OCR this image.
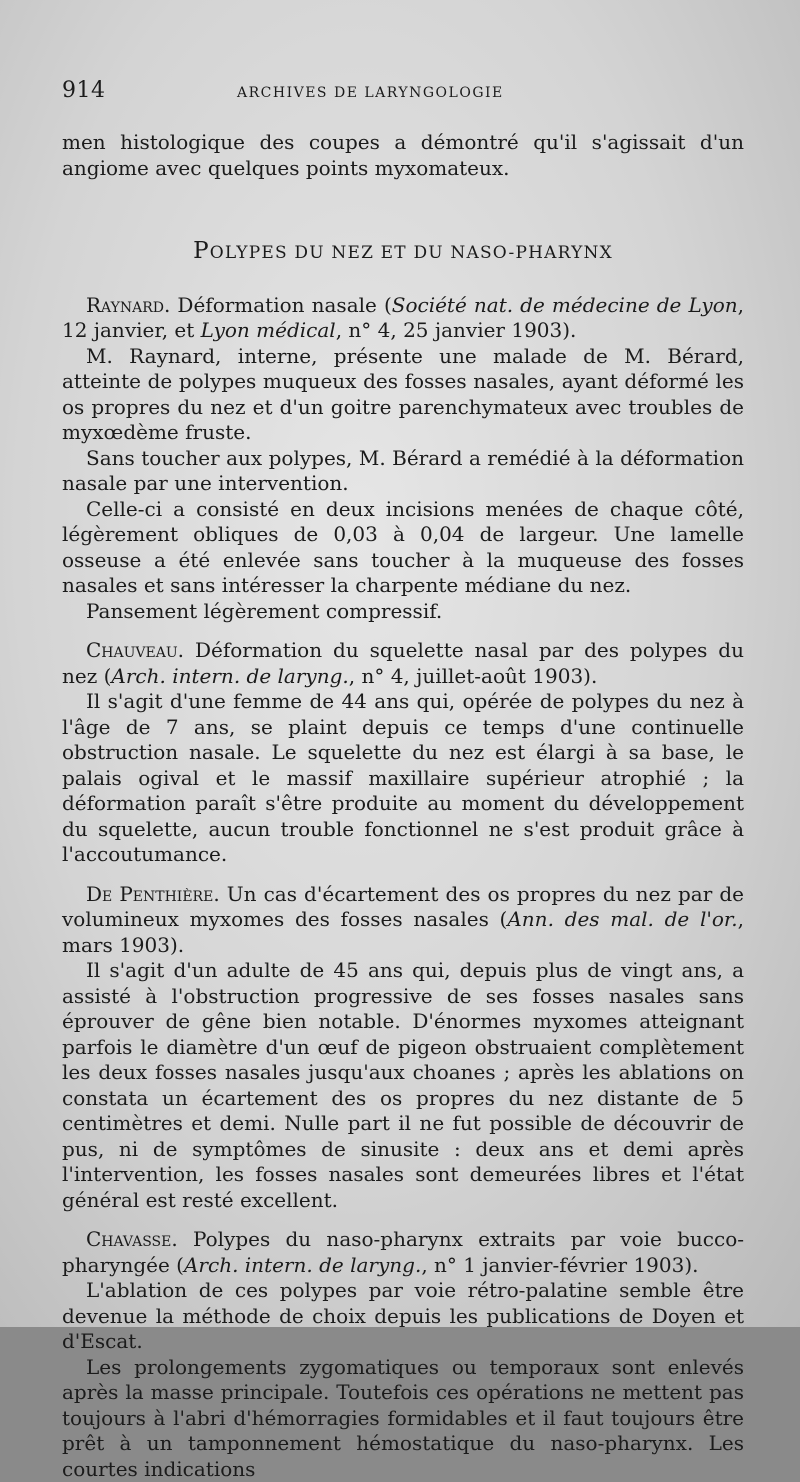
914	ARCHIVES DE LARYNGOLOGIE

men histologique des coupes a démontré qu'il s'agissait d'un angiome avec quelques points myxomateux.

POLYPES DU NEZ ET DU NASO-PHARYNX

Raynard. Déformation nasale (Société nat. de médecine de Lyon, 12 janvier, et Lyon médical, n° 4, 25 janvier 1903).

M. Raynard, interne, présente une malade de M. Bérard, atteinte de polypes muqueux des fosses nasales, ayant déformé les os propres du nez et d'un goitre parenchymateux avec troubles de myxœdème fruste.

Sans toucher aux polypes, M. Bérard a remédié à la déformation nasale par une intervention.

Celle-ci a consisté en deux incisions menées de chaque côté, légèrement obliques de 0,03 à 0,04 de largeur. Une lamelle osseuse a été enlevée sans toucher à la muqueuse des fosses nasales et sans intéresser la charpente médiane du nez.

Pansement légèrement compressif.

Chauveau. Déformation du squelette nasal par des polypes du nez (Arch. intern. de laryng., n° 4, juillet-août 1903).

Il s'agit d'une femme de 44 ans qui, opérée de polypes du nez à l'âge de 7 ans, se plaint depuis ce temps d'une continuelle obstruction nasale. Le squelette du nez est élargi à sa base, le palais ogival et le massif maxillaire supérieur atrophié ; la déformation paraît s'être produite au moment du développement du squelette, aucun trouble fonctionnel ne s'est produit grâce à l'accoutumance.

De Penthière. Un cas d'écartement des os propres du nez par de volumineux myxomes des fosses nasales (Ann. des mal. de l'or., mars 1903).

Il s'agit d'un adulte de 45 ans qui, depuis plus de vingt ans, a assisté à l'obstruction progressive de ses fosses nasales sans éprouver de gêne bien notable. D'énormes myxomes atteignant parfois le diamètre d'un œuf de pigeon obstruaient complètement les deux fosses nasales jusqu'aux choanes ; après les ablations on constata un écartement des os propres du nez distante de 5 centimètres et demi. Nulle part il ne fut possible de découvrir de pus, ni de symptômes de sinusite : deux ans et demi après l'intervention, les fosses nasales sont demeurées libres et l'état général est resté excellent.

Chavasse. Polypes du naso-pharynx extraits par voie bucco-pharyngée (Arch. intern. de laryng., n° 1 janvier-février 1903).

L'ablation de ces polypes par voie rétro-palatine semble être devenue la méthode de choix depuis les publications de Doyen et d'Escat.

Les prolongements zygomatiques ou temporaux sont enlevés après la masse principale. Toutefois ces opérations ne mettent pas toujours à l'abri d'hémorragies formidables et il faut toujours être prêt à un tamponnement hémostatique du naso-pharynx. Les courtes indications
